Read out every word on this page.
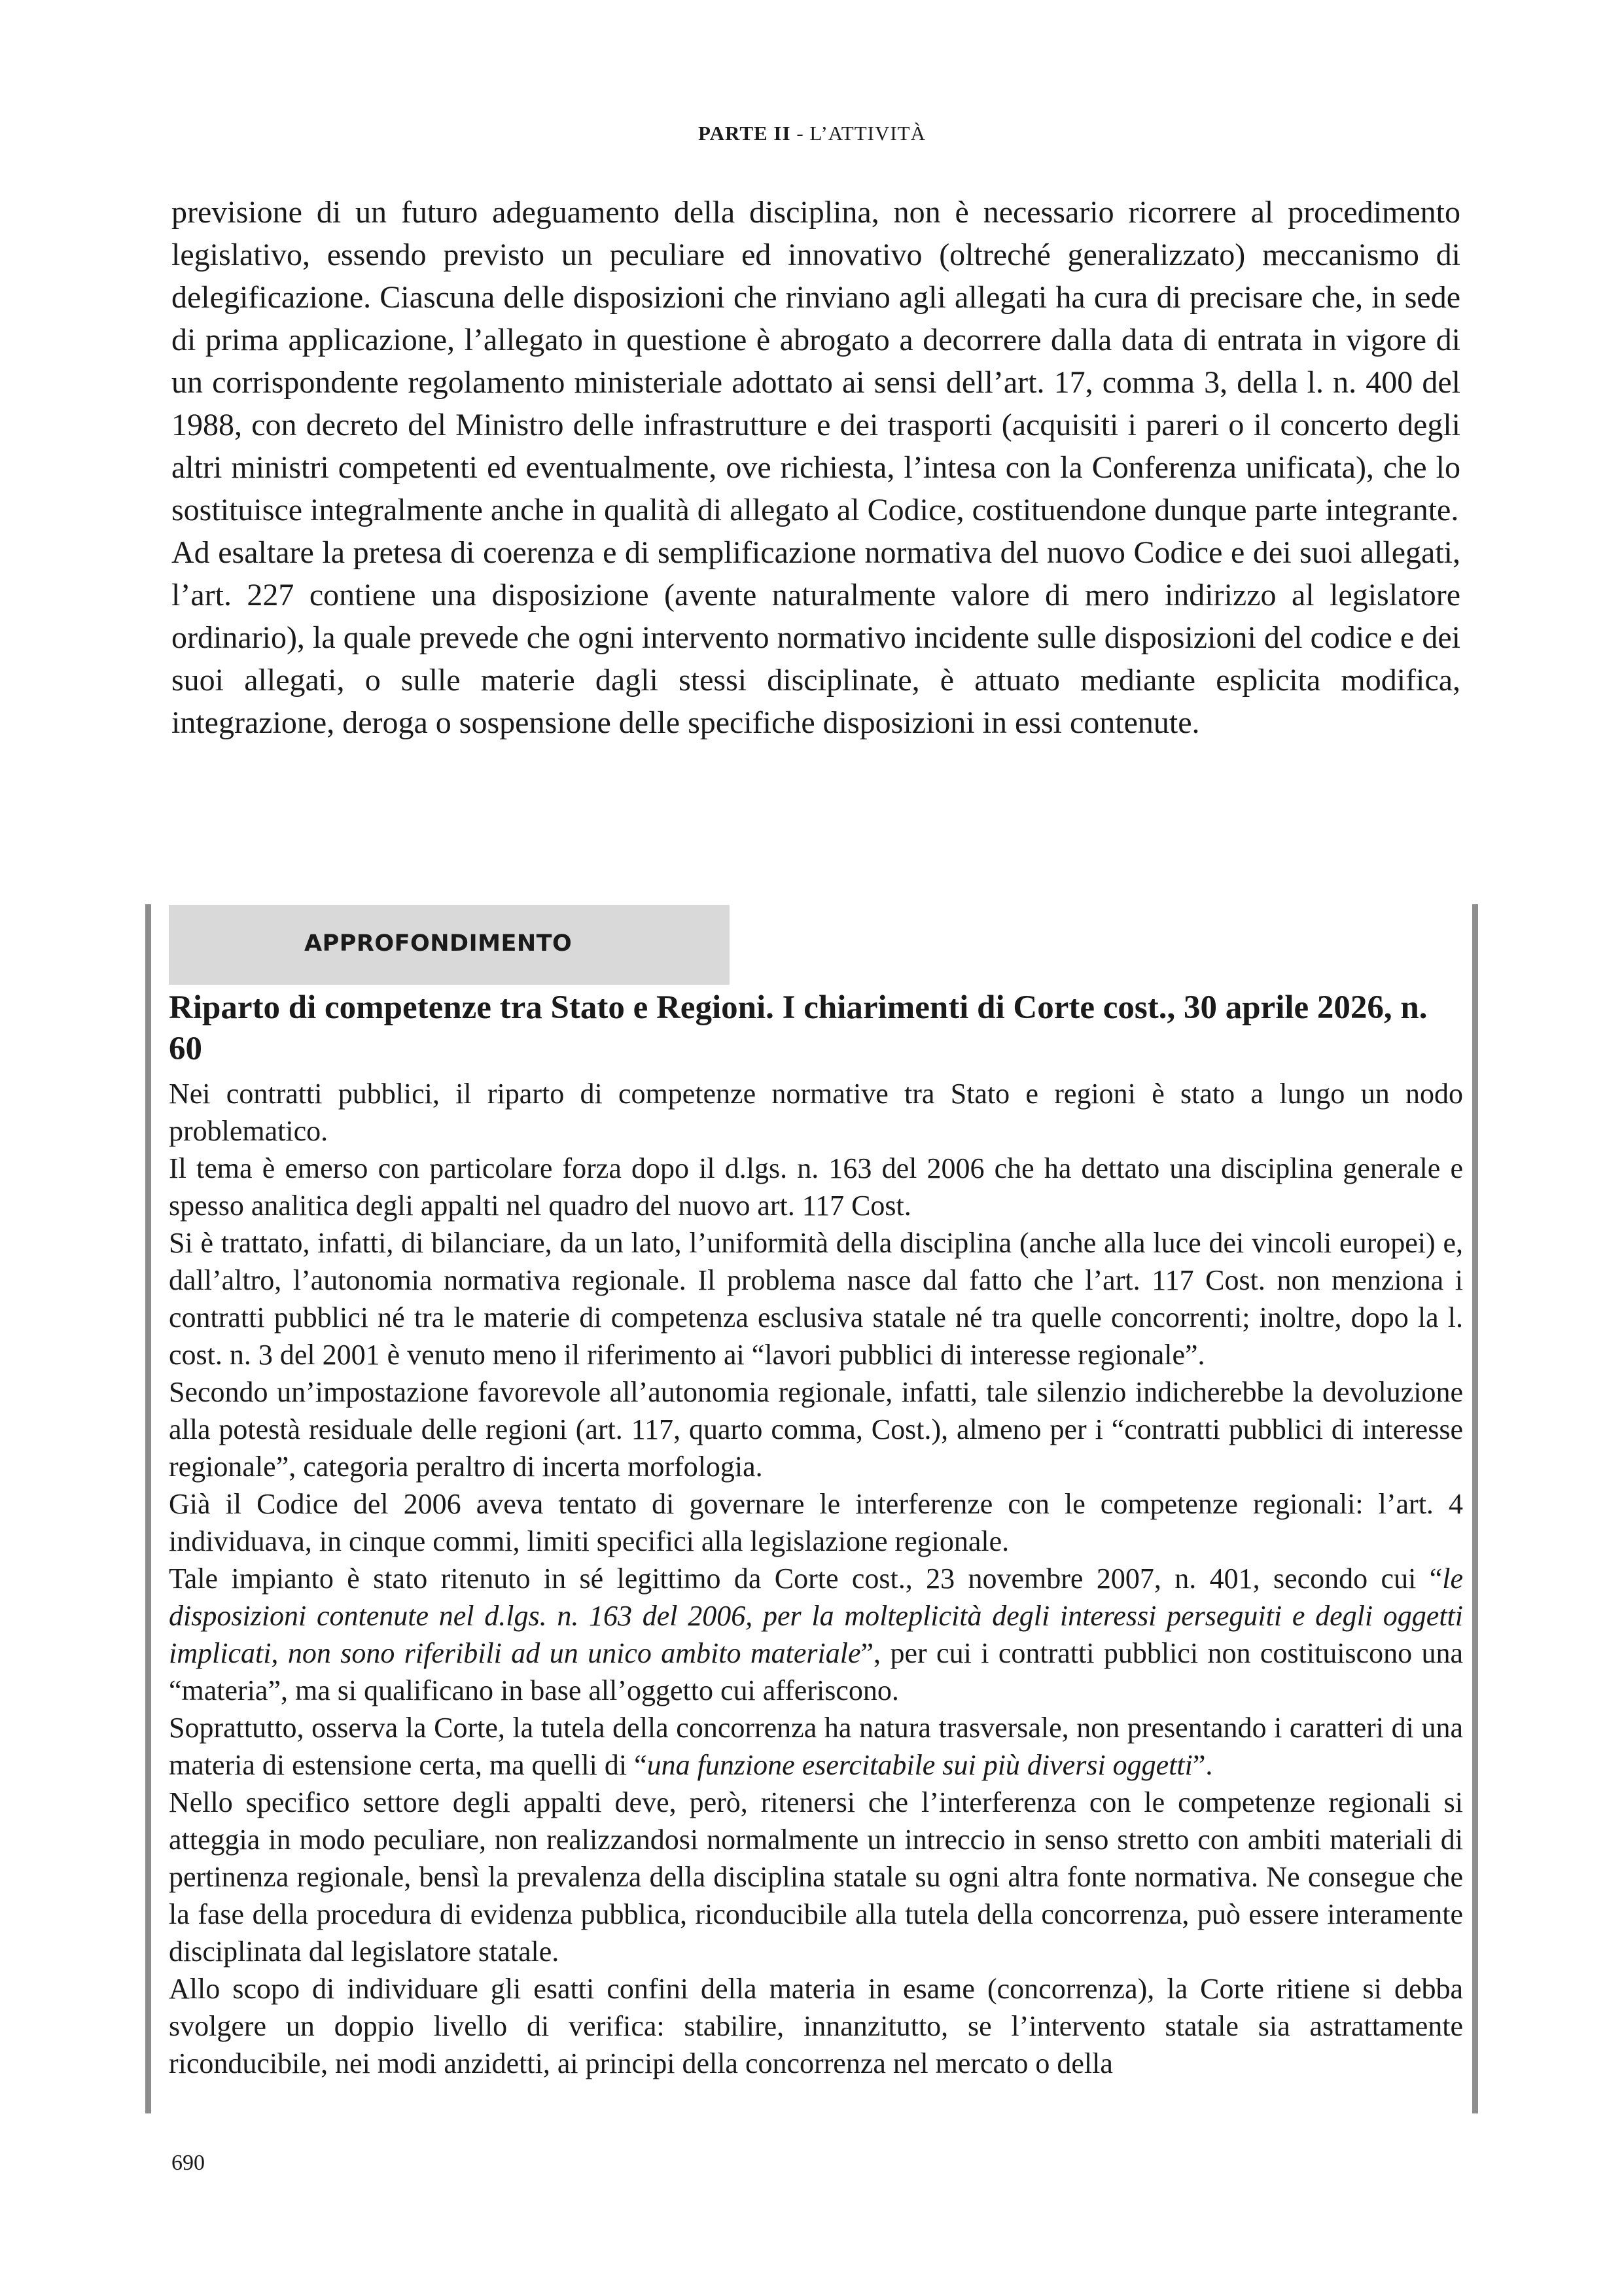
PARTE II - L’ATTIVITÀ

previsione di un futuro adeguamento della disciplina, non è necessario ricorrere al procedimento legislativo, essendo previsto un peculiare ed innovativo (oltreché generalizzato) meccanismo di delegificazione. Ciascuna delle disposizioni che rinviano agli allegati ha cura di precisare che, in sede di prima applicazione, l’allegato in questione è abrogato a decorrere dalla data di entrata in vigore di un corrispondente regolamento ministeriale adottato ai sensi dell’art. 17, comma 3, della l. n. 400 del 1988, con decreto del Ministro delle infrastrutture e dei trasporti (acquisiti i pareri o il concerto degli altri ministri competenti ed eventualmente, ove richiesta, l’intesa con la Conferenza unificata), che lo sostituisce integralmente anche in qualità di allegato al Codice, costituendone dunque parte integrante.

Ad esaltare la pretesa di coerenza e di semplificazione normativa del nuovo Codice e dei suoi allegati, l’art. 227 contiene una disposizione (avente naturalmente valore di mero indirizzo al legislatore ordinario), la quale prevede che ogni intervento normativo incidente sulle disposizioni del codice e dei suoi allegati, o sulle materie dagli stessi disciplinate, è attuato mediante esplicita modifica, integrazione, deroga o sospensione delle specifiche disposizioni in essi contenute.

APPROFONDIMENTO
Riparto di competenze tra Stato e Regioni. I chiarimenti di Corte cost., 30 aprile 2026, n. 60

Nei contratti pubblici, il riparto di competenze normative tra Stato e regioni è stato a lungo un nodo problematico.

Il tema è emerso con particolare forza dopo il d.lgs. n. 163 del 2006 che ha dettato una disciplina generale e spesso analitica degli appalti nel quadro del nuovo art. 117 Cost.

Si è trattato, infatti, di bilanciare, da un lato, l’uniformità della disciplina (anche alla luce dei vincoli europei) e, dall’altro, l’autonomia normativa regionale. Il problema nasce dal fatto che l’art. 117 Cost. non menziona i contratti pubblici né tra le materie di competenza esclusiva statale né tra quelle concorrenti; inoltre, dopo la l. cost. n. 3 del 2001 è venuto meno il riferimento ai “lavori pubblici di interesse regionale”.

Secondo un’impostazione favorevole all’autonomia regionale, infatti, tale silenzio indicherebbe la devoluzione alla potestà residuale delle regioni (art. 117, quarto comma, Cost.), almeno per i “contratti pubblici di interesse regionale”, categoria peraltro di incerta morfologia.

Già il Codice del 2006 aveva tentato di governare le interferenze con le competenze regionali: l’art. 4 individuava, in cinque commi, limiti specifici alla legislazione regionale.

Tale impianto è stato ritenuto in sé legittimo da Corte cost., 23 novembre 2007, n. 401, secondo cui “le disposizioni contenute nel d.lgs. n. 163 del 2006, per la molteplicità degli interessi perseguiti e degli oggetti implicati, non sono riferibili ad un unico ambito materiale”, per cui i contratti pubblici non costituiscono una “materia”, ma si qualificano in base all’oggetto cui afferiscono.

Soprattutto, osserva la Corte, la tutela della concorrenza ha natura trasversale, non presentando i caratteri di una materia di estensione certa, ma quelli di “una funzione esercitabile sui più diversi oggetti”.

Nello specifico settore degli appalti deve, però, ritenersi che l’interferenza con le competenze regionali si atteggia in modo peculiare, non realizzandosi normalmente un intreccio in senso stretto con ambiti materiali di pertinenza regionale, bensì la prevalenza della disciplina statale su ogni altra fonte normativa. Ne consegue che la fase della procedura di evidenza pubblica, riconducibile alla tutela della concorrenza, può essere interamente disciplinata dal legislatore statale.

Allo scopo di individuare gli esatti confini della materia in esame (concorrenza), la Corte ritiene si debba svolgere un doppio livello di verifica: stabilire, innanzitutto, se l’intervento statale sia astrattamente riconducibile, nei modi anzidetti, ai principi della concorrenza nel mercato o della

690
